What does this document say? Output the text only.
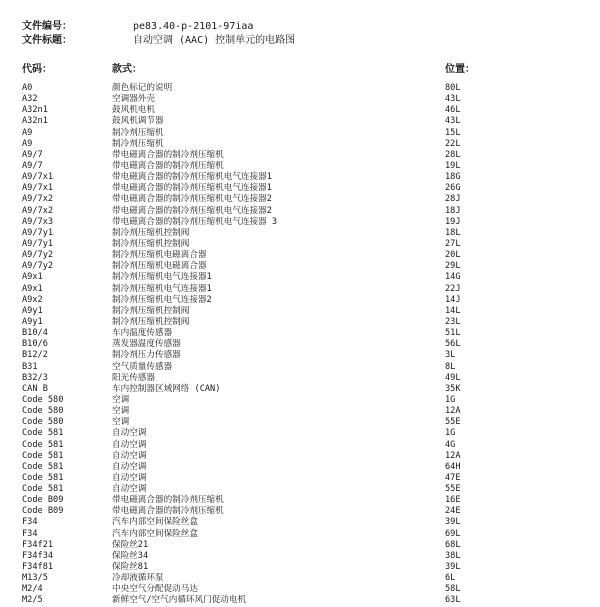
文件编号：	pe83.40-p-2101-97iaa
文件标题：	自动空调 (AAC) 控制单元的电路图
代码：	款式：	位置：
A0	颜色标记的说明	80L
A32	空调器外壳	43L
A32n1	鼓风机电机	46L
A32n1	鼓风机调节器	43L
A9	制冷剂压缩机	15L
A9	制冷剂压缩机	22L
A9/7	带电磁离合器的制冷剂压缩机	28L
A9/7	带电磁离合器的制冷剂压缩机	19L
A9/7x1	带电磁离合器的制冷剂压缩机电气连接器1	18G
A9/7x1	带电磁离合器的制冷剂压缩机电气连接器1	26G
A9/7x2	带电磁离合器的制冷剂压缩机电气连接器2	28J
A9/7x2	带电磁离合器的制冷剂压缩机电气连接器2	18J
A9/7x3	带电磁离合器的制冷剂压缩机电气连接器 3	19J
A9/7y1	制冷剂压缩机控制阀	18L
A9/7y1	制冷剂压缩机控制阀	27L
A9/7y2	制冷剂压缩机电磁离合器	20L
A9/7y2	制冷剂压缩机电磁离合器	29L
A9x1	制冷剂压缩机电气连接器1	14G
A9x1	制冷剂压缩机电气连接器1	22J
A9x2	制冷剂压缩机电气连接器2	14J
A9y1	制冷剂压缩机控制阀	14L
A9y1	制冷剂压缩机控制阀	23L
B10/4	车内温度传感器	51L
B10/6	蒸发器温度传感器	56L
B12/2	制冷剂压力传感器	3L
B31	空气质量传感器	8L
B32/3	阳光传感器	49L
CAN B	车内控制器区域网络 (CAN)	35K
Code 580	空调	1G
Code 580	空调	12A
Code 580	空调	55E
Code 581	自动空调	1G
Code 581	自动空调	4G
Code 581	自动空调	12A
Code 581	自动空调	64H
Code 581	自动空调	47E
Code 581	自动空调	55E
Code B09	带电磁离合器的制冷剂压缩机	16E
Code B09	带电磁离合器的制冷剂压缩机	24E
F34	汽车内部空间保险丝盒	39L
F34	汽车内部空间保险丝盒	69L
F34f21	保险丝21	68L
F34f34	保险丝34	38L
F34f81	保险丝81	39L
M13/5	冷却液循环泵	6L
M2/4	中央空气分配促动马达	58L
M2/5	新鲜空气/空气内循环风门促动电机	63L
